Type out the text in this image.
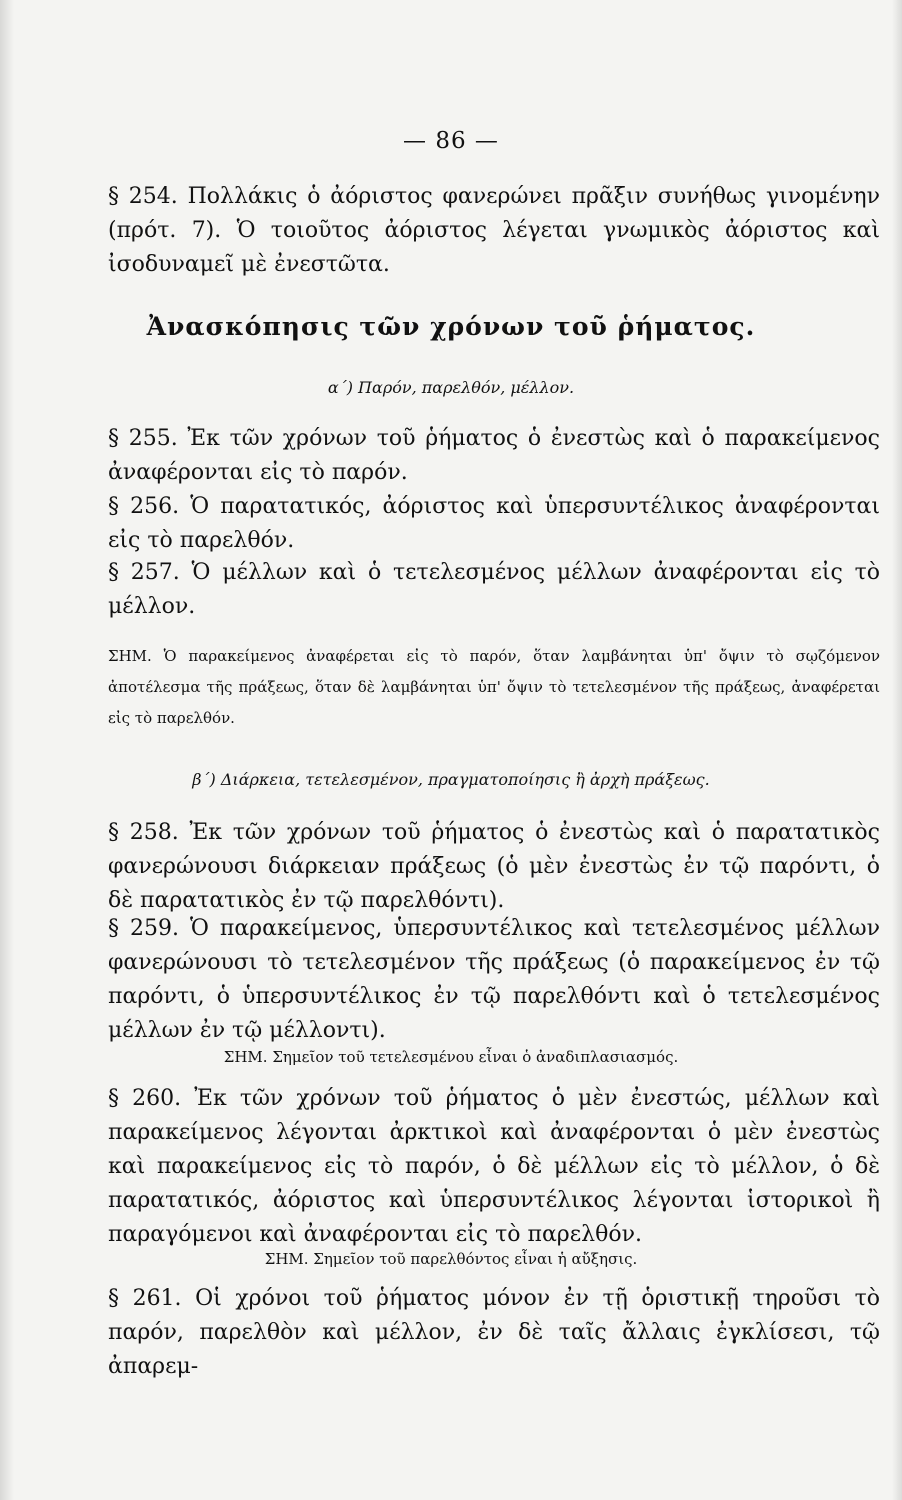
— 86 —
§ 254. Πολλάκις ὁ ἀόριστος φανερώνει πρᾶξιν συνήθως γινομένην (πρότ. 7). Ὁ τοιοῦτος ἀόριστος λέγεται γνωμικὸς ἀόριστος καὶ ἰσοδυναμεῖ μὲ ἐνεστῶτα.
Ἀνασκόπησις τῶν χρόνων τοῦ ῥήματος.
α΄) Παρόν, παρελθόν, μέλλον.
§ 255. Ἐκ τῶν χρόνων τοῦ ῥήματος ὁ ἐνεστὼς καὶ ὁ παρακείμενος ἀναφέρονται εἰς τὸ παρόν.
§ 256. Ὁ παρατατικός, ἀόριστος καὶ ὑπερσυντέλικος ἀναφέρονται εἰς τὸ παρελθόν.
§ 257. Ὁ μέλλων καὶ ὁ τετελεσμένος μέλλων ἀναφέρονται εἰς τὸ μέλλον.
ΣΗΜ. Ὁ παρακείμενος ἀναφέρεται εἰς τὸ παρόν, ὅταν λαμβάνηται ὑπ' ὄψιν τὸ σῳζόμενον ἀποτέλεσμα τῆς πράξεως, ὅταν δὲ λαμβάνηται ὑπ' ὄψιν τὸ τετελεσμένον τῆς πράξεως, ἀναφέρεται εἰς τὸ παρελθόν.
β΄) Διάρκεια, τετελεσμένον, πραγματοποίησις ἢ ἀρχὴ πράξεως.
§ 258. Ἐκ τῶν χρόνων τοῦ ῥήματος ὁ ἐνεστὼς καὶ ὁ παρατατικὸς φανερώνουσι διάρκειαν πράξεως (ὁ μὲν ἐνεστὼς ἐν τῷ παρόντι, ὁ δὲ παρατατικὸς ἐν τῷ παρελθόντι).
§ 259. Ὁ παρακείμενος, ὑπερσυντέλικος καὶ τετελεσμένος μέλλων φανερώνουσι τὸ τετελεσμένον τῆς πράξεως (ὁ παρακείμενος ἐν τῷ παρόντι, ὁ ὑπερσυντέλικος ἐν τῷ παρελθόντι καὶ ὁ τετελεσμένος μέλλων ἐν τῷ μέλλοντι).
ΣΗΜ. Σημεῖον τοῦ τετελεσμένου εἶναι ὁ ἀναδιπλασιασμός.
§ 260. Ἐκ τῶν χρόνων τοῦ ῥήματος ὁ μὲν ἐνεστώς, μέλλων καὶ παρακείμενος λέγονται ἀρκτικοὶ καὶ ἀναφέρονται ὁ μὲν ἐνεστὼς καὶ παρακείμενος εἰς τὸ παρόν, ὁ δὲ μέλλων εἰς τὸ μέλλον, ὁ δὲ παρατατικός, ἀόριστος καὶ ὑπερσυντέλικος λέγονται ἱστορικοὶ ἢ παραγόμενοι καὶ ἀναφέρονται εἰς τὸ παρελθόν.
ΣΗΜ. Σημεῖον τοῦ παρελθόντος εἶναι ἡ αὔξησις.
§ 261. Οἱ χρόνοι τοῦ ῥήματος μόνον ἐν τῇ ὁριστικῇ τηροῦσι τὸ παρόν, παρελθὸν καὶ μέλλον, ἐν δὲ ταῖς ἄλλαις ἐγκλίσεσι, τῷ ἀπαρεμ-
